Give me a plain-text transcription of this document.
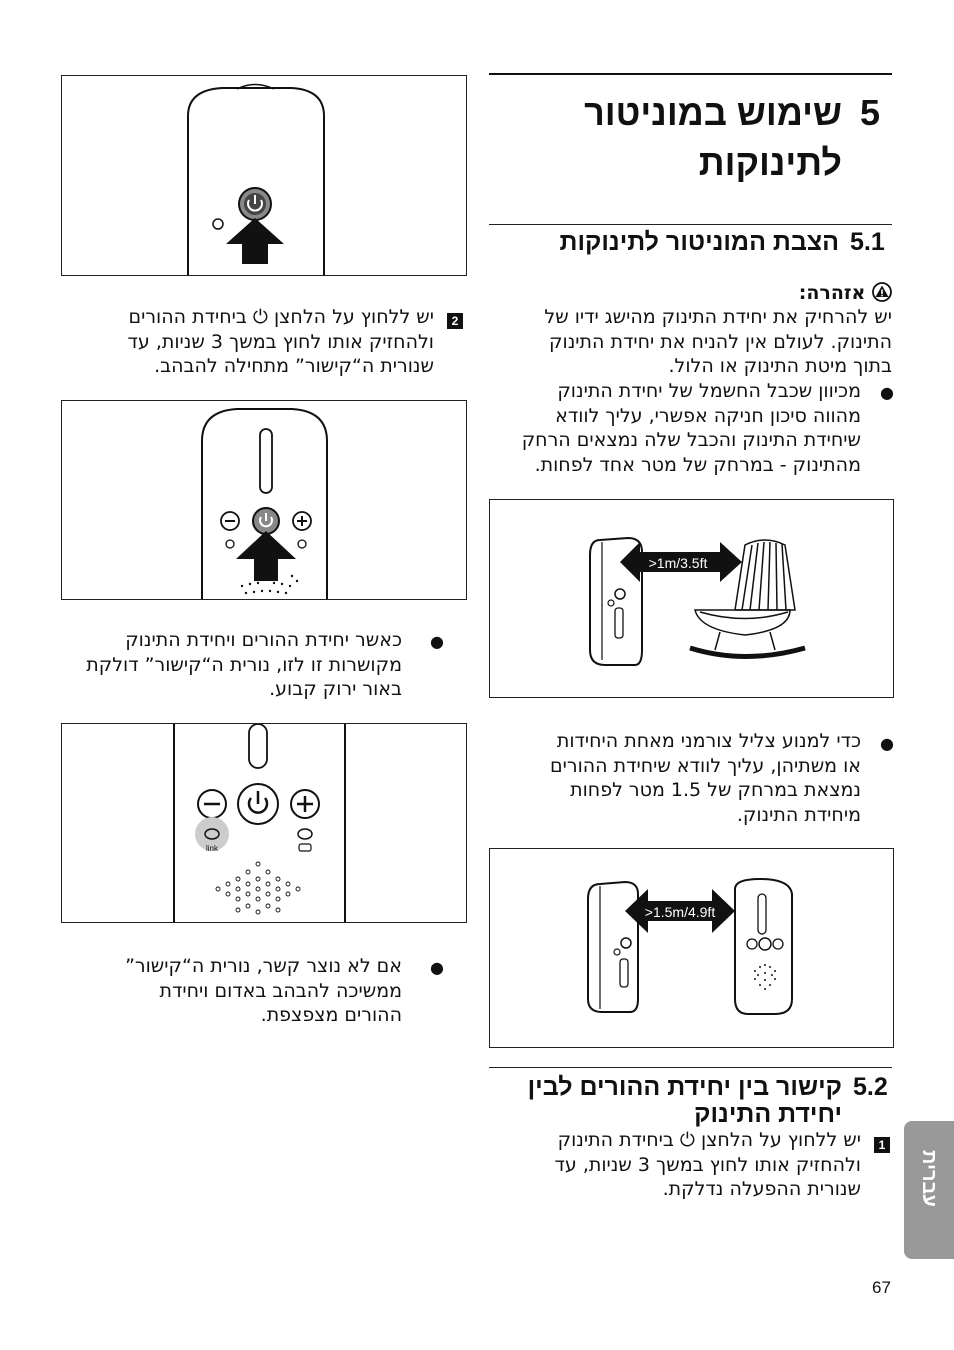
5
שימוש במוניטור
לתינוקות
5.1
הצבת המוניטור לתינוקות
אזהרה:
יש להרחיק את יחידת התינוק מהישג ידיו של
התינוק. לעולם אין להניח את יחידת התינוק
בתוך מיטת התינוק או הלול.
●
מכיוון שכבל החשמל של יחידת התינוק
מהווה סיכון חניקה אפשרי, עליך לוודא
שיחידת התינוק והכבל שלה נמצאים הרחק
מהתינוק - במרחק של מטר אחד לפחות.
>1m/3.5ft
●
כדי למנוע צליל צורמני מאחת היחידות
או משתיהן, עליך לוודא שיחידת ההורים
נמצאת במרחק של 1.5 מטר לפחות
מיחידת התינוק.
>1.5m/4.9ft
5.2
קישור בין יחידת ההורים לבין
יחידת התינוק
1
יש ללחוץ על הלחצן ⏻ ביחידת התינוק
ולהחזיק אותו לחוץ במשך 3 שניות, עד
שנורית ההפעלה נדלקת.
2
יש ללחוץ על הלחצן ⏻ ביחידת ההורים
ולהחזיק אותו לחוץ במשך 3 שניות, עד
שנורית ה“קישור” מתחילה להבהב.
●
כאשר יחידת ההורים ויחידת התינוק
מקושרות זו לזו, נורית ה“קישור” דולקת
באור ירוק קבוע.
link
●
אם לא נוצר קשר, נורית ה“קישור”
ממשיכה להבהב באדום ויחידת
ההורים מצפצפת.
עברית
67
